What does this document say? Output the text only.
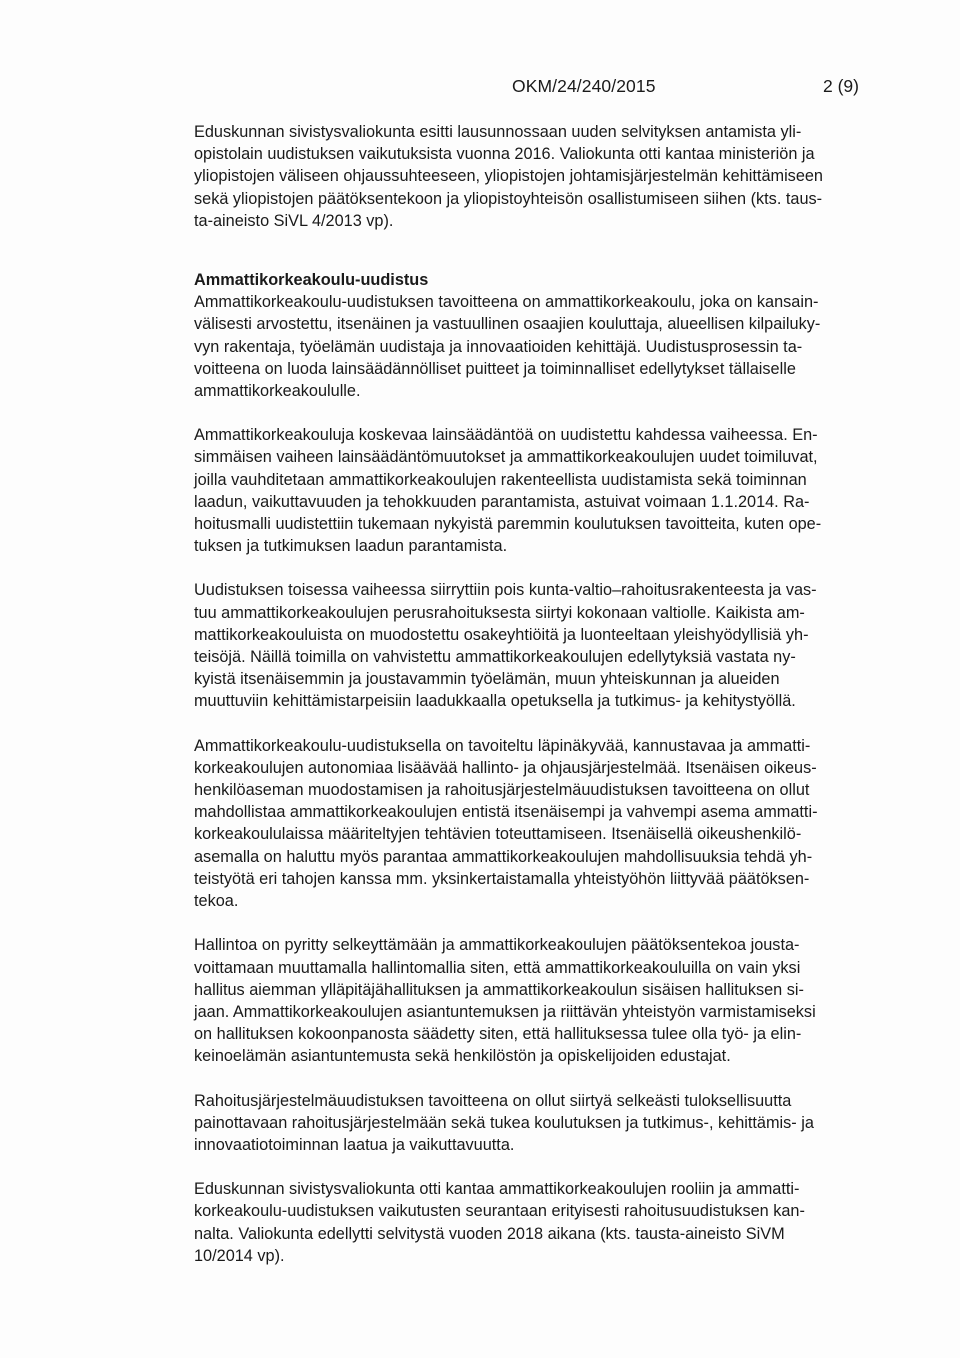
OKM/24/240/2015	2 (9)

Eduskunnan sivistysvaliokunta esitti lausunnossaan uuden selvityksen antamista yli-
opistolain uudistuksen vaikutuksista vuonna 2016. Valiokunta otti kantaa ministeriön ja
yliopistojen väliseen ohjaussuhteeseen, yliopistojen johtamisjärjestelmän kehittämiseen
sekä yliopistojen päätöksentekoon ja yliopistoyhteisön osallistumiseen siihen (kts. taus-
ta-aineisto SiVL 4/2013 vp).

Ammattikorkeakoulu-uudistus

Ammattikorkeakoulu-uudistuksen tavoitteena on ammattikorkeakoulu, joka on kansain-
välisesti arvostettu, itsenäinen ja vastuullinen osaajien kouluttaja, alueellisen kilpailuky-
vyn rakentaja, työelämän uudistaja ja innovaatioiden kehittäjä. Uudistusprosessin ta-
voitteena on luoda lainsäädännölliset puitteet ja toiminnalliset edellytykset tällaiselle
ammattikorkeakoululle.

Ammattikorkeakouluja koskevaa lainsäädäntöä on uudistettu kahdessa vaiheessa. En-
simmäisen vaiheen lainsäädäntömuutokset ja ammattikorkeakoulujen uudet toimiluvat,
joilla vauhditetaan ammattikorkeakoulujen rakenteellista uudistamista sekä toiminnan
laadun, vaikuttavuuden ja tehokkuuden parantamista, astuivat voimaan 1.1.2014. Ra-
hoitusmalli uudistettiin tukemaan nykyistä paremmin koulutuksen tavoitteita, kuten ope-
tuksen ja tutkimuksen laadun parantamista.

Uudistuksen toisessa vaiheessa siirryttiin pois kunta-valtio–rahoitusrakenteesta ja vas-
tuu ammattikorkeakoulujen perusrahoituksesta siirtyi kokonaan valtiolle. Kaikista am-
mattikorkeakouluista on muodostettu osakeyhtiöitä ja luonteeltaan yleishyödyllisiä yh-
teisöjä. Näillä toimilla on vahvistettu ammattikorkeakoulujen edellytyksiä vastata ny-
kyistä itsenäisemmin ja joustavammin työelämän, muun yhteiskunnan ja alueiden
muuttuviin kehittämistarpeisiin laadukkaalla opetuksella ja tutkimus- ja kehitystyöllä.

Ammattikorkeakoulu-uudistuksella on tavoiteltu läpinäkyvää, kannustavaa ja ammatti-
korkeakoulujen autonomiaa lisäävää hallinto- ja ohjausjärjestelmää. Itsenäisen oikeus-
henkilöaseman muodostamisen ja rahoitusjärjestelmäuudistuksen tavoitteena on ollut
mahdollistaa ammattikorkeakoulujen entistä itsenäisempi ja vahvempi asema ammatti-
korkeakoululaissa määriteltyjen tehtävien toteuttamiseen. Itsenäisellä oikeushenkilö-
asemalla on haluttu myös parantaa ammattikorkeakoulujen mahdollisuuksia tehdä yh-
teistyötä eri tahojen kanssa mm. yksinkertaistamalla yhteistyöhön liittyvää päätöksen-
tekoa.

Hallintoa on pyritty selkeyttämään ja ammattikorkeakoulujen päätöksentekoa jousta-
voittamaan muuttamalla hallintomallia siten, että ammattikorkeakouluilla on vain yksi
hallitus aiemman ylläpitäjähallituksen ja ammattikorkeakoulun sisäisen hallituksen si-
jaan. Ammattikorkeakoulujen asiantuntemuksen ja riittävän yhteistyön varmistamiseksi
on hallituksen kokoonpanosta säädetty siten, että hallituksessa tulee olla työ- ja elin-
keinoelämän asiantuntemusta sekä henkilöstön ja opiskelijoiden edustajat.

Rahoitusjärjestelmäuudistuksen tavoitteena on ollut siirtyä selkeästi tuloksellisuutta
painottavaan rahoitusjärjestelmään sekä tukea koulutuksen ja tutkimus-, kehittämis- ja
innovaatiotoiminnan laatua ja vaikuttavuutta.

Eduskunnan sivistysvaliokunta otti kantaa ammattikorkeakoulujen rooliin ja ammatti-
korkeakoulu-uudistuksen vaikutusten seurantaan erityisesti rahoitusuudistuksen kan-
nalta. Valiokunta edellytti selvitystä vuoden 2018 aikana (kts. tausta-aineisto SiVM
10/2014 vp).
